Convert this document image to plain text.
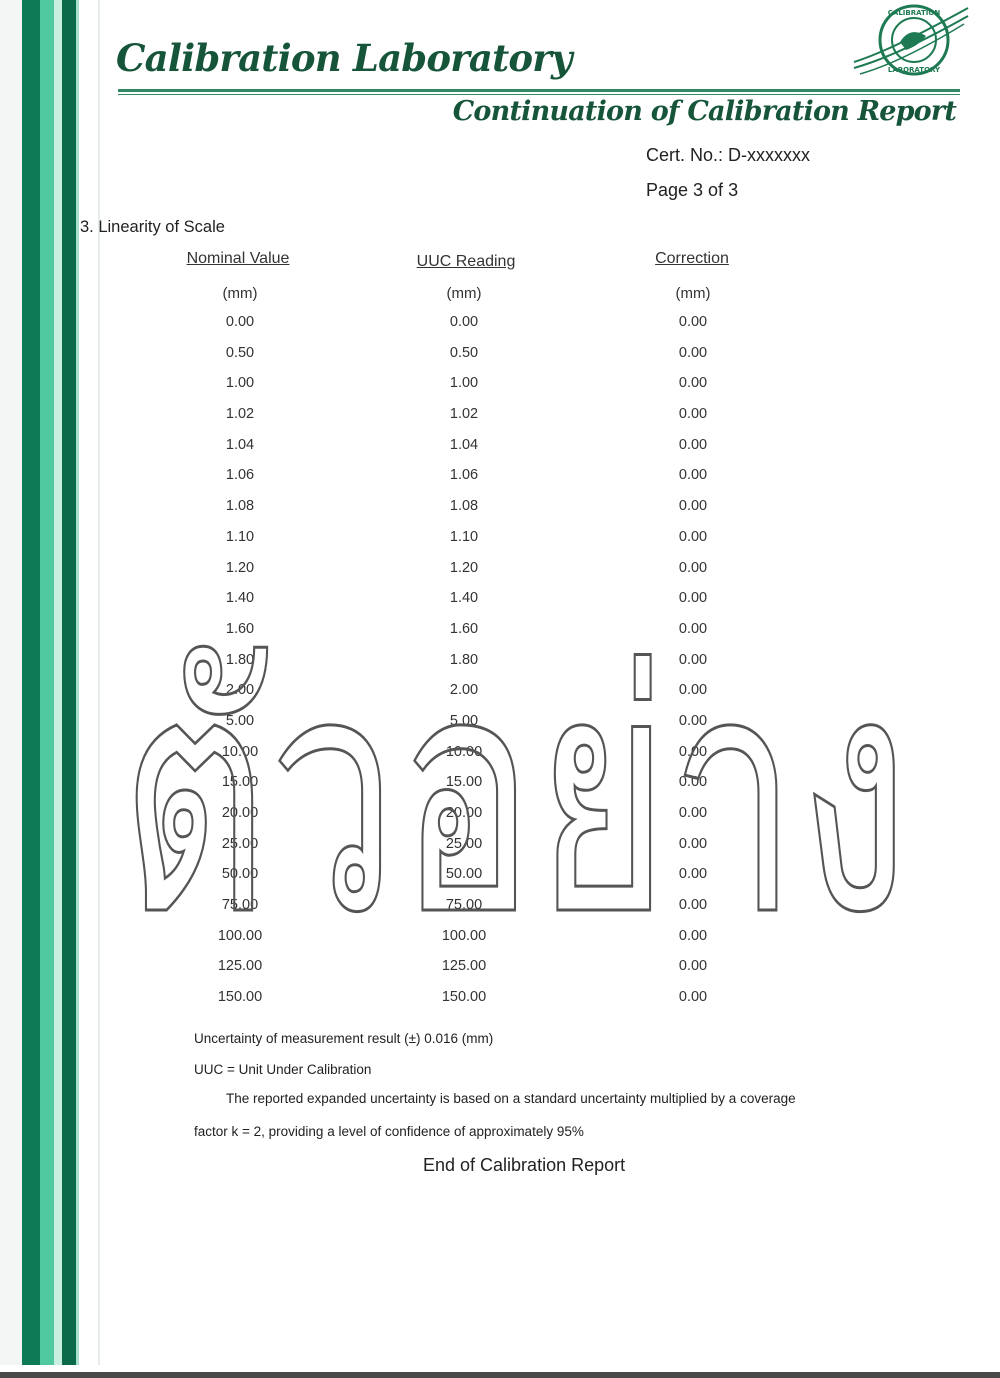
Calibration Laboratory
Continuation of Calibration Report
CALIBRATION
LABORATORY
Cert. No.: D-xxxxxxx
Page 3 of 3
3. Linearity of Scale
Nominal Value	UUC Reading	Correction
(mm)	(mm)	(mm)
0.00	0.00	0.00
0.50	0.50	0.00
1.00	1.00	0.00
1.02	1.02	0.00
1.04	1.04	0.00
1.06	1.06	0.00
1.08	1.08	0.00
1.10	1.10	0.00
1.20	1.20	0.00
1.40	1.40	0.00
1.60	1.60	0.00
1.80	1.80	0.00
2.00	2.00	0.00
5.00	5.00	0.00
10.00	10.00	0.00
15.00	15.00	0.00
20.00	20.00	0.00
25.00	25.00	0.00
50.00	50.00	0.00
75.00	75.00	0.00
100.00	100.00	0.00
125.00	125.00	0.00
150.00	150.00	0.00
ตัวอย่าง
Uncertainty of measurement result (±) 0.016 (mm)
UUC = Unit Under Calibration
The reported expanded uncertainty is based on a standard uncertainty multiplied by a coverage
factor k = 2, providing a level of confidence of approximately 95%
End of Calibration Report
